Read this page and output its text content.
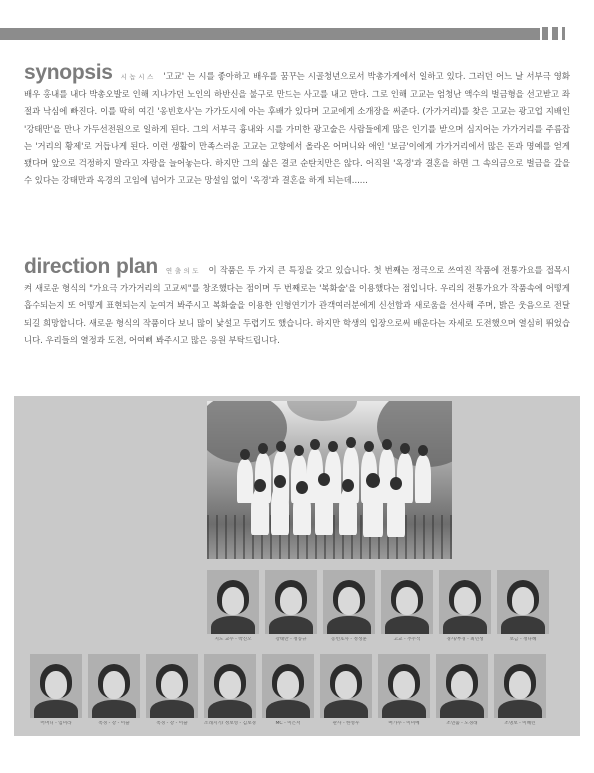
synopsis 시 놉 시 스 '고교' 는 시를 좋아하고 배우를 꿈꾸는 시골청년으로서 박총가게에서 일하고 있다. 그러던 어느 날 서부극 영화배우 홍내를 내다 박총오발로 인해 지나가던 노인의 하반신을 불구로 만드는 사고를 내고 만다. 그로 인해 고교는 엄청난 액수의 벌금형을 선고받고 좌절과 낙심에 빠진다. 이를 딱히 여긴 '옹빈호사'는 가가도시에 아는 후배가 있다며 고교에게 소개장을 써준다. (가가거리)를 찾은 고교는 광고업 지배인 '강태만'을 만나 가두선전원으로 일하게 된다. 그의 서부극 흉내와 시를 가미한 광고술은 사람들에게 많은 인기를 받으며 심지어는 가가거리를 주름잡는 '거리의 황제'로 거듭나게 된다. 이런 생활이 만족스러운 고교는 고향에서 올라온 어머니와 애인 '보금'이에게 가가거리에서 많은 돈과 명예를 얻게 됐다며 앞으로 걱정하지 말라고 자랑을 늘어놓는다. 하지만 그의 삶은 결코 순탄치만은 않다. 어직원 '옥경'과 결혼을 하면 그 속의금으로 벌금을 갚을 수 있다는 강태만과 옥경의 고임에 넘어가 고교는 망설임 없이 '옥경'과 결혼을 하게 되는데......
direction plan 연 출 의 도 이 작품은 두 가지 큰 특징을 갖고 있습니다. 첫 번째는 정극으로 쓰여진 작품에 전통가요를 접목시켜 새로운 형식의 "가요극 가가거리의 고교씨"를 창조했다는 점이며 두 번째로는 '복화술'을 이용했다는 점입니다. 우리의 전통가요가 작품속에 어떻게 흡수되는지 또 어떻게 표현되는지 눈여겨 봐주시고 복화술을 이용한 인형연기가 관객여러분에게 신선함과 새로움을 선사해 주며, 밝은 웃음으로 전달되길 희망합니다. 새로운 형식의 작품이다 보니 많이 낯설고 두렵기도 했습니다. 하지만 학생의 입장으로써 배운다는 자세로 도전했으며 열심히 뛰었습니다. 우리들의 열정과 도전, 어여삐 봐주시고 많은 응원 부탁드립니다.
지도 교수 - 박진오	강태만 - 정동규	옹빈호사 - 정성훈	고교 - 추주석	경사/부경 - 최민성	보금 - 정다혜
어머니 - 임미라	옥경 - 강 - 이슬	옥경 - 강 - 이슬	소래지기/ 정보영 - 김보경	MC - 이은서	관사 - 한성우	여가수 - 이미예	조연출 - 노경래	조명보 - 이혜린
